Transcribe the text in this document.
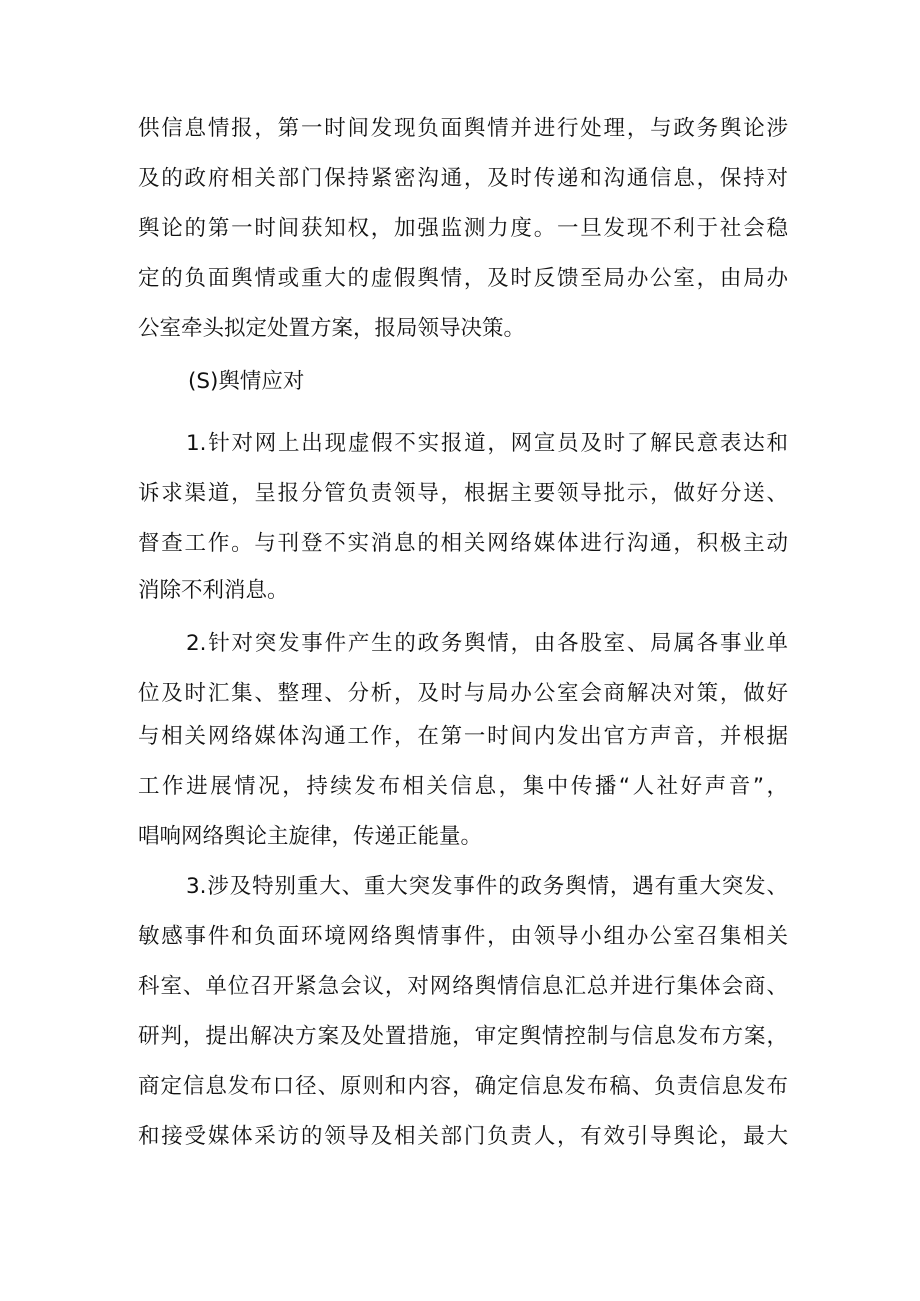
供信息情报，第一时间发现负面舆情并进行处理，与政务舆论涉
及的政府相关部门保持紧密沟通，及时传递和沟通信息，保持对
舆论的第一时间获知权，加强监测力度。一旦发现不利于社会稳
定的负面舆情或重大的虚假舆情，及时反馈至局办公室，由局办
公室牵头拟定处置方案，报局领导决策。
(S)舆情应对
1.针对网上出现虚假不实报道，网宣员及时了解民意表达和
诉求渠道，呈报分管负责领导，根据主要领导批示，做好分送、
督查工作。与刊登不实消息的相关网络媒体进行沟通，积极主动
消除不利消息。
2.针对突发事件产生的政务舆情，由各股室、局属各事业单
位及时汇集、整理、分析，及时与局办公室会商解决对策，做好
与相关网络媒体沟通工作，在第一时间内发出官方声音，并根据
工作进展情况，持续发布相关信息，集中传播“人社好声音”，
唱响网络舆论主旋律，传递正能量。
3.涉及特别重大、重大突发事件的政务舆情，遇有重大突发、
敏感事件和负面环境网络舆情事件，由领导小组办公室召集相关
科室、单位召开紧急会议，对网络舆情信息汇总并进行集体会商、
研判，提出解决方案及处置措施，审定舆情控制与信息发布方案，
商定信息发布口径、原则和内容，确定信息发布稿、负责信息发布
和接受媒体采访的领导及相关部门负责人，有效引导舆论，最大
